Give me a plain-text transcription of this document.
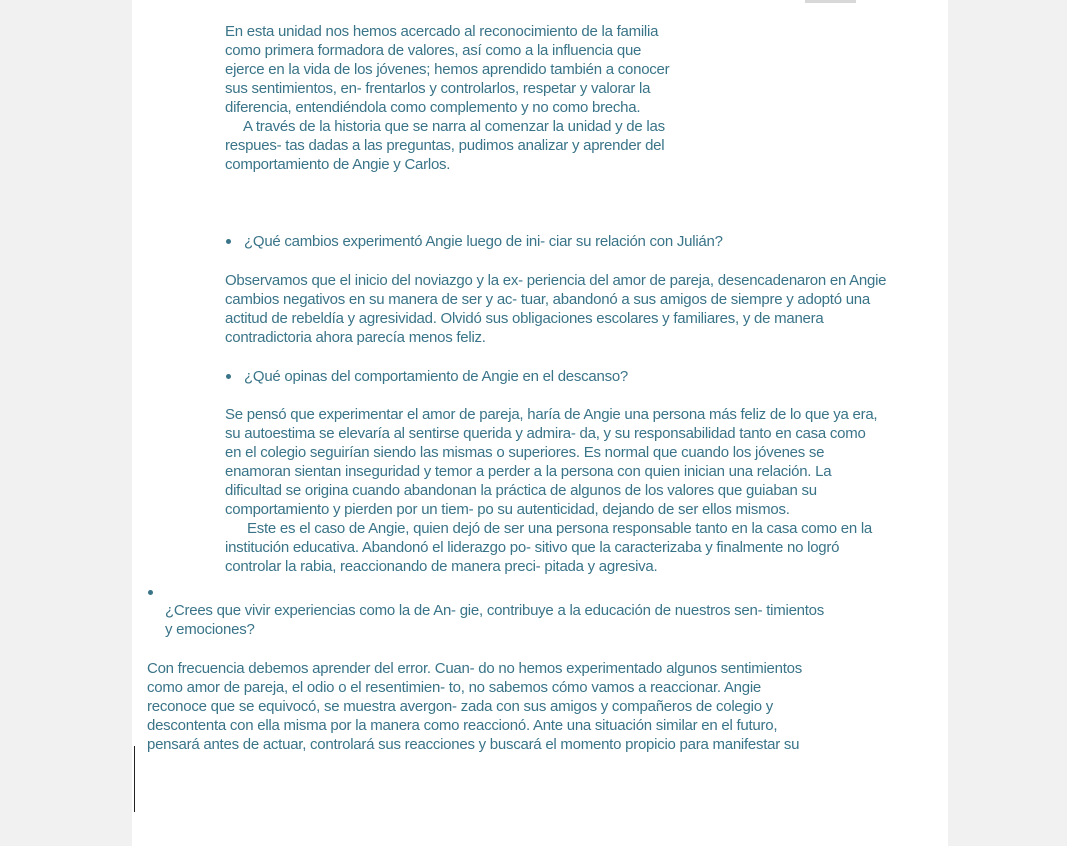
En esta unidad nos hemos acercado al reconocimiento de la familia
como primera formadora de valores, así como a la influencia que
ejerce en la vida de los jóvenes; hemos aprendido también a conocer
sus sentimientos, en- frentarlos y controlarlos, respetar y valorar la
diferencia, entendiéndola como complemento y no como brecha.
A través de la historia que se narra al comenzar la unidad y de las
respues- tas dadas a las preguntas, pudimos analizar y aprender del
comportamiento de Angie y Carlos.
¿Qué cambios experimentó Angie luego de ini- ciar su relación con Julián?
Observamos que el inicio del noviazgo y la ex- periencia del amor de pareja, desencadenaron en Angie
cambios negativos en su manera de ser y ac- tuar, abandonó a sus amigos de siempre y adoptó una
actitud de rebeldía y agresividad. Olvidó sus obligaciones escolares y familiares, y de manera
contradictoria ahora parecía menos feliz.
¿Qué opinas del comportamiento de Angie en el descanso?
Se pensó que experimentar el amor de pareja, haría de Angie una persona más feliz de lo que ya era,
su autoestima se elevaría al sentirse querida y admira- da, y su responsabilidad tanto en casa como
en el colegio seguirían siendo las mismas o superiores. Es normal que cuando los jóvenes se
enamoran sientan inseguridad y temor a perder a la persona con quien inician una relación. La
dificultad se origina cuando abandonan la práctica de algunos de los valores que guiaban su
comportamiento y pierden por un tiem- po su autenticidad, dejando de ser ellos mismos.
Este es el caso de Angie, quien dejó de ser una persona responsable tanto en la casa como en la
institución educativa. Abandonó el liderazgo po- sitivo que la caracterizaba y finalmente no logró
controlar la rabia, reaccionando de manera preci- pitada y agresiva.
¿Crees que vivir experiencias como la de An- gie, contribuye a la educación de nuestros sen- timientos
y emociones?
Con frecuencia debemos aprender del error. Cuan- do no hemos experimentado algunos sentimientos
como amor de pareja, el odio o el resentimien- to, no sabemos cómo vamos a reaccionar. Angie
reconoce que se equivocó, se muestra avergon- zada con sus amigos y compañeros de colegio y
descontenta con ella misma por la manera como reaccionó. Ante una situación similar en el futuro,
pensará antes de actuar, controlará sus reacciones y buscará el momento propicio para manifestar su
